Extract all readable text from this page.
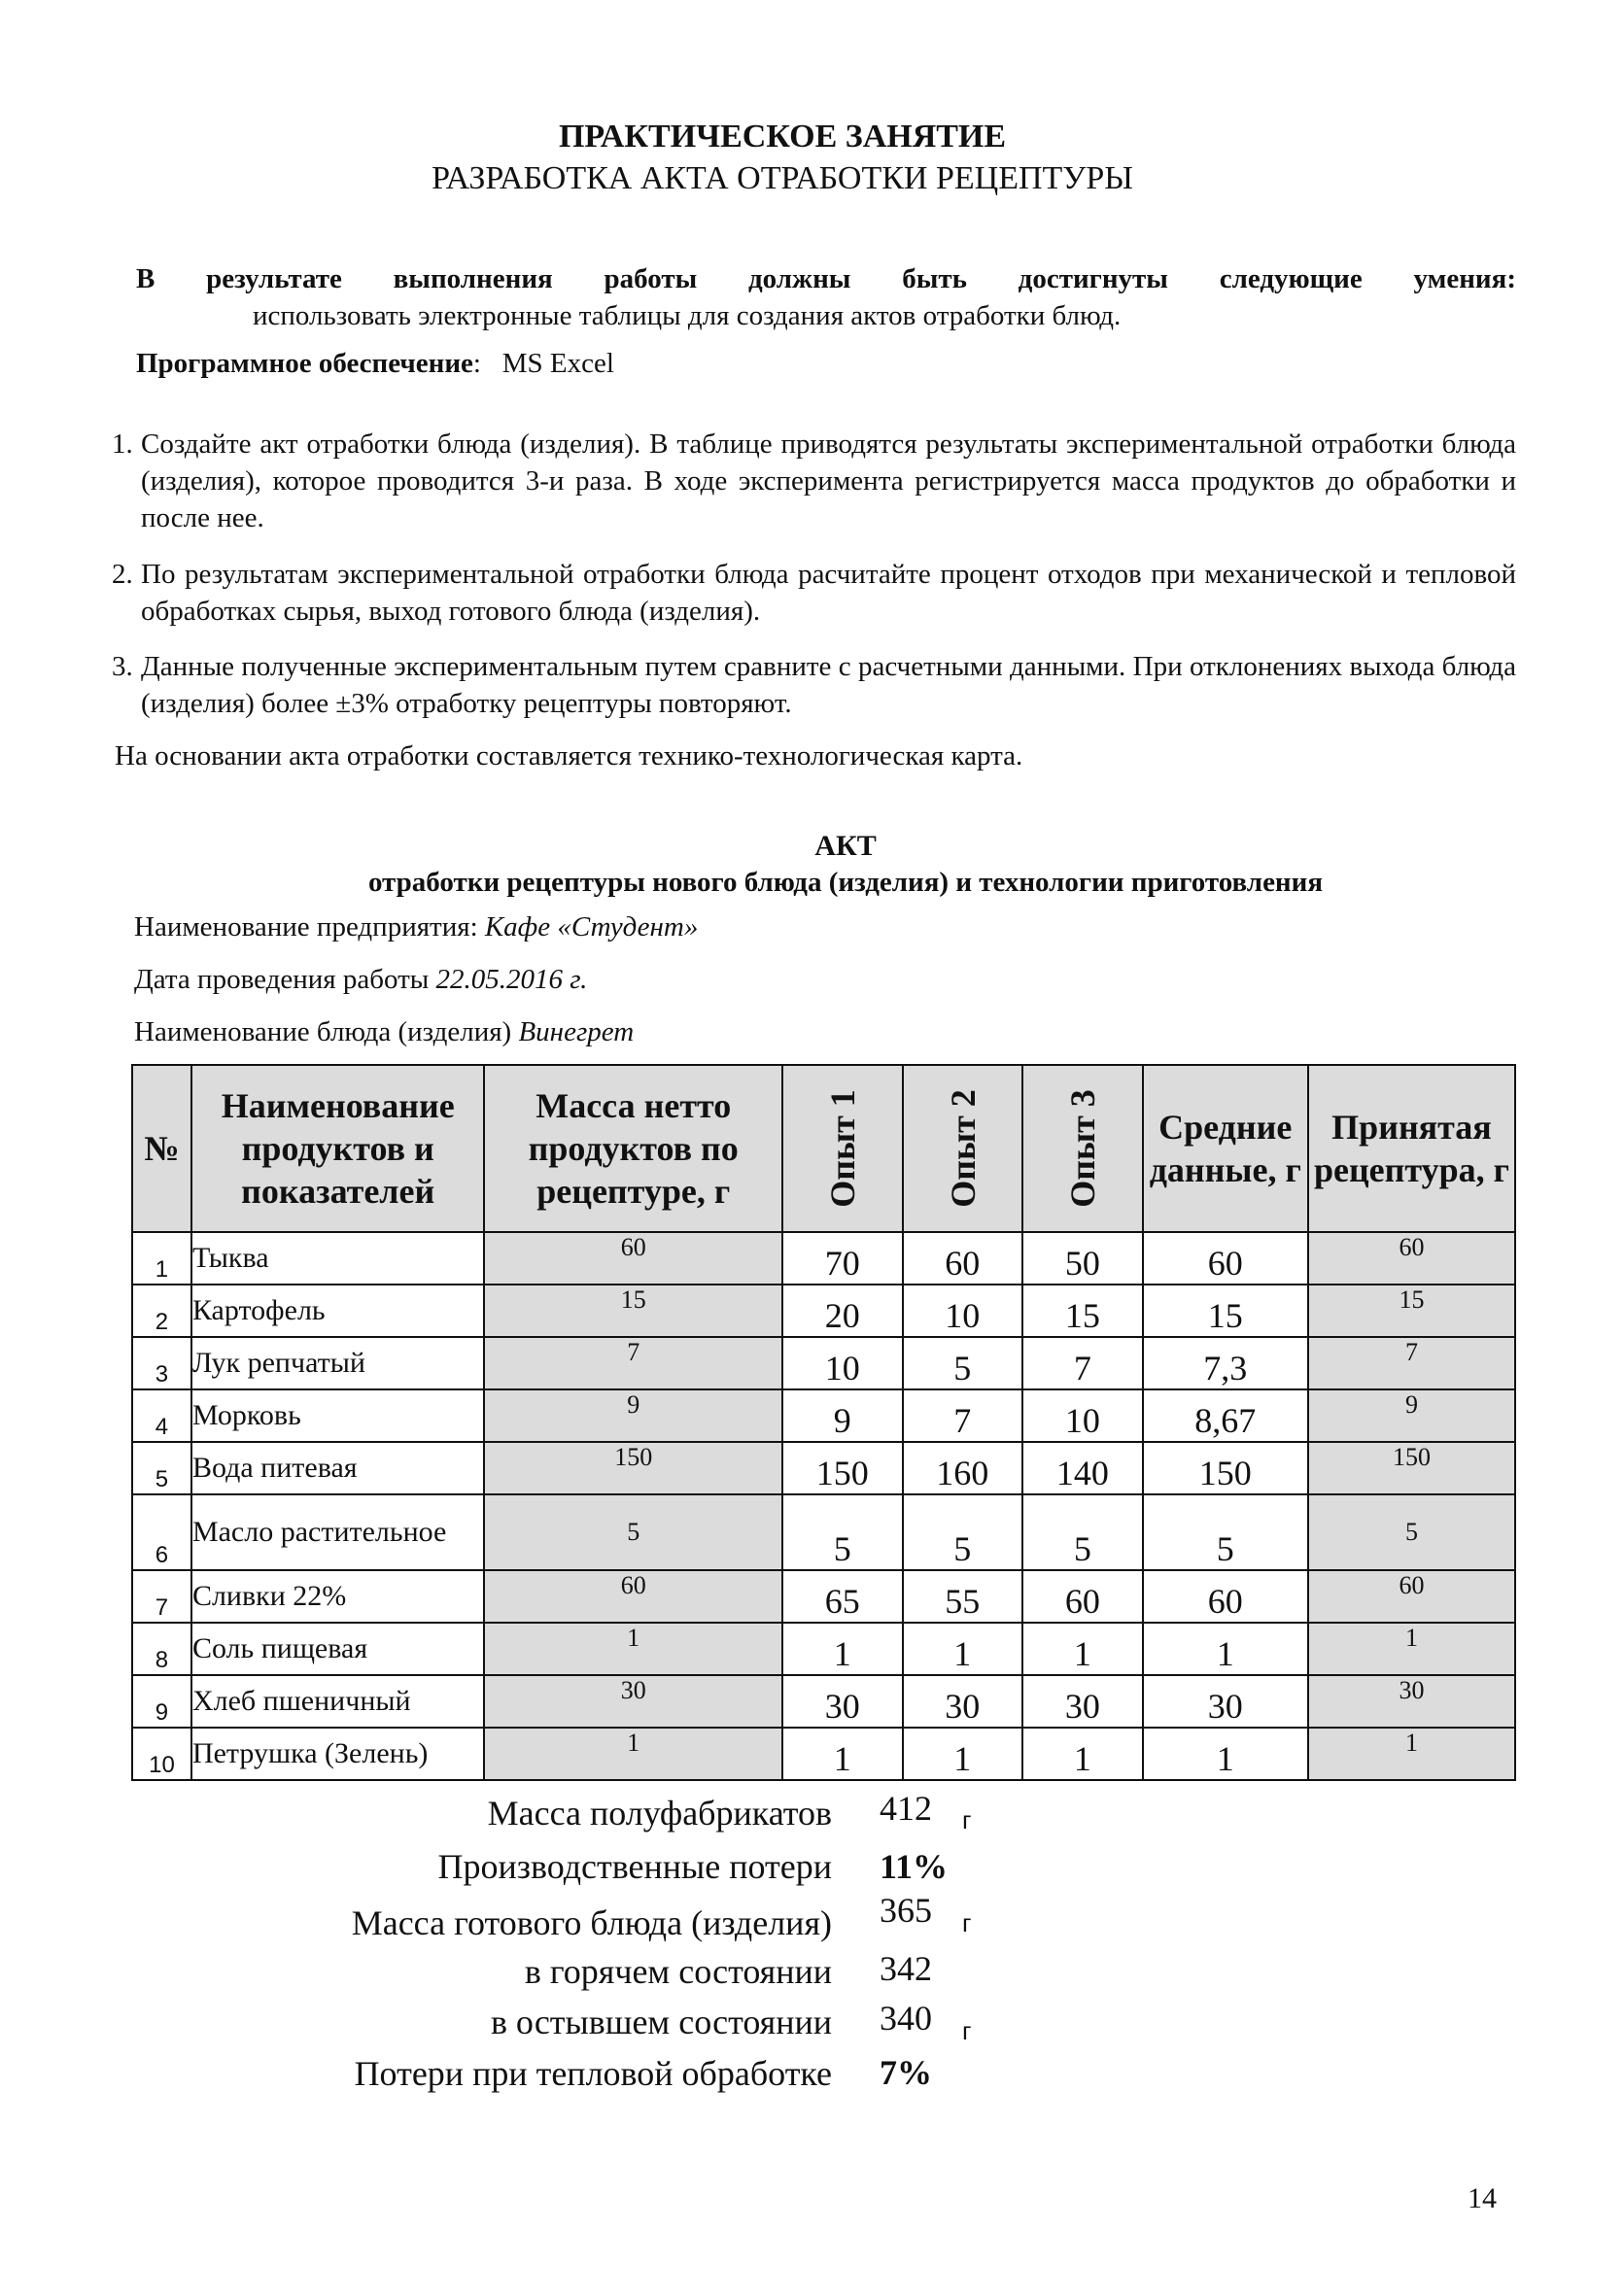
ПРАКТИЧЕСКОЕ ЗАНЯТИЕ
РАЗРАБОТКА АКТА ОТРАБОТКИ РЕЦЕПТУРЫ
В результате выполнения работы должны быть достигнуты следующие умения:
использовать электронные таблицы для создания актов отработки блюд.
Программное обеспечение: MS Excel
1. Создайте акт отработки блюда (изделия). В таблице приводятся результаты экспериментальной отработки блюда (изделия), которое проводится 3-и раза. В ходе эксперимента регистрируется масса продуктов до обработки и после нее.
2. По результатам экспериментальной отработки блюда расчитайте процент отходов при механической и тепловой обработках сырья, выход готового блюда (изделия).
3. Данные полученные экспериментальным путем сравните с расчетными данными. При отклонениях выхода блюда (изделия) более ±3% отработку рецептуры повторяют.
На основании акта отработки составляется технико-технологическая карта.
АКТ
отработки рецептуры нового блюда (изделия) и технологии приготовления
Наименование предприятия: Кафе «Студент»
Дата проведения работы 22.05.2016 г.
Наименование блюда (изделия) Винегрет
№	Наименование продуктов и показателей	Масса нетто продуктов по рецептуре, г	Опыт 1	Опыт 2	Опыт 3	Средние данные, г	Принятая рецептура, г
1	Тыква	60	70	60	50	60	60
2	Картофель	15	20	10	15	15	15
3	Лук репчатый	7	10	5	7	7,3	7
4	Морковь	9	9	7	10	8,67	9
5	Вода питевая	150	150	160	140	150	150
6	Масло растительное	5	5	5	5	5	5
7	Сливки 22%	60	65	55	60	60	60
8	Соль пищевая	1	1	1	1	1	1
9	Хлеб пшеничный	30	30	30	30	30	30
10	Петрушка (Зелень)	1	1	1	1	1	1
Масса полуфабрикатов 412 г
Производственные потери 11%
Масса готового блюда (изделия) 365 г
в горячем состоянии 342
в остывшем состоянии 340 г
Потери при тепловой обработке 7%
14
